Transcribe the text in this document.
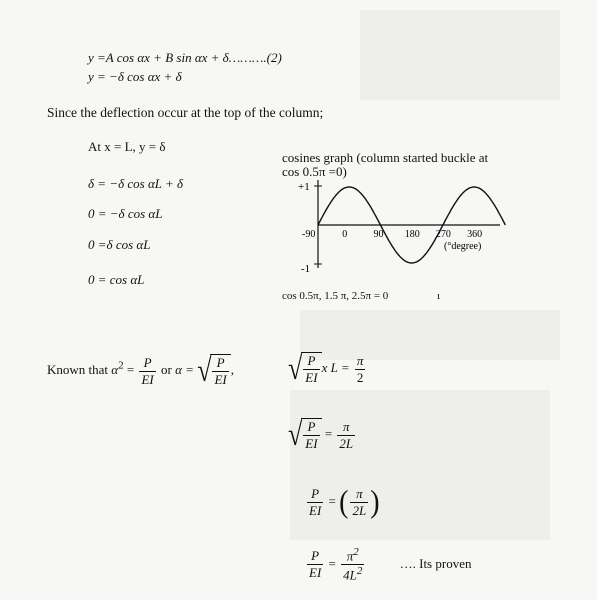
y =A cos αx + B sin αx + δ……….(2)
y = −δ cos αx + δ
Since the deflection occur at the top of the column;
At x = L, y = δ
δ = −δ cos αL + δ
0 = −δ cos αL
0 =δ cos αL
0 = cos αL
cosines graph (column started buckle at
cos 0.5π =0)
+1
-1
-90	0	90 180 270 360
(°degree)
cos 0.5π, 1.5 π, 2.5π = 0	ı
Known that $\alpha^2 = \frac{P}{EI}$ or α = √ $\frac{P}{EI}$ , √ $\frac{P}{EI}$ x $L = \frac{\pi}{2}$
√ $\frac{P}{EI} = \frac{\pi}{2L}$
$\frac{P}{EI}$ = ( $\frac{\pi}{2L}$ )
$\frac{P}{EI} = \frac{\pi^2}{4L^2}$	…. Its proven
